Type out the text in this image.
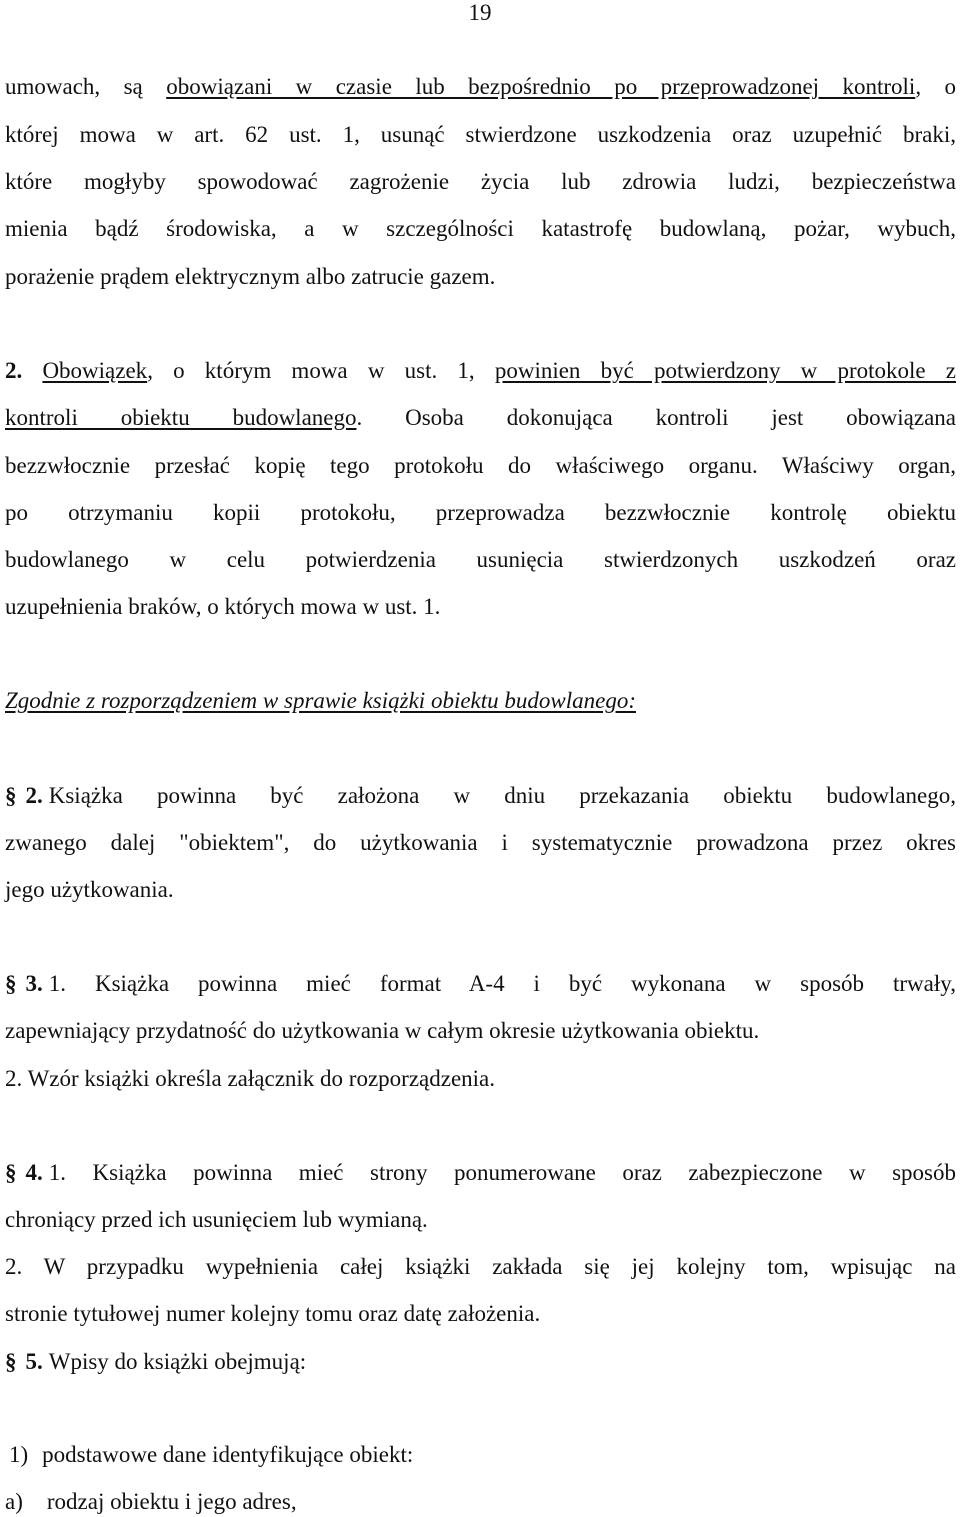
19
umowach, są obowiązani w czasie lub bezpośrednio po przeprowadzonej kontroli, o
której mowa w art. 62 ust. 1, usunąć stwierdzone uszkodzenia oraz uzupełnić braki,
które mogłyby spowodować zagrożenie życia lub zdrowia ludzi, bezpieczeństwa
mienia bądź środowiska, a w szczególności katastrofę budowlaną, pożar, wybuch,
porażenie prądem elektrycznym albo zatrucie gazem.
2. Obowiązek, o którym mowa w ust. 1, powinien być potwierdzony w protokole z
kontroli obiektu budowlanego. Osoba dokonująca kontroli jest obowiązana
bezzwłocznie przesłać kopię tego protokołu do właściwego organu. Właściwy organ,
po otrzymaniu kopii protokołu, przeprowadza bezzwłocznie kontrolę obiektu
budowlanego w celu potwierdzenia usunięcia stwierdzonych uszkodzeń oraz
uzupełnienia braków, o których mowa w ust. 1.
Zgodnie z rozporządzeniem w sprawie książki obiektu budowlanego:
§ 2. Książka powinna być założona w dniu przekazania obiektu budowlanego,
zwanego dalej "obiektem", do użytkowania i systematycznie prowadzona przez okres
jego użytkowania.
§ 3. 1. Książka powinna mieć format A-4 i być wykonana w sposób trwały,
zapewniający przydatność do użytkowania w całym okresie użytkowania obiektu.
2. Wzór książki określa załącznik do rozporządzenia.
§ 4. 1. Książka powinna mieć strony ponumerowane oraz zabezpieczone w sposób
chroniący przed ich usunięciem lub wymianą.
2. W przypadku wypełnienia całej książki zakłada się jej kolejny tom, wpisując na
stronie tytułowej numer kolejny tomu oraz datę założenia.
§ 5. Wpisy do książki obejmują:
1) podstawowe dane identyfikujące obiekt:
a) rodzaj obiektu i jego adres,
